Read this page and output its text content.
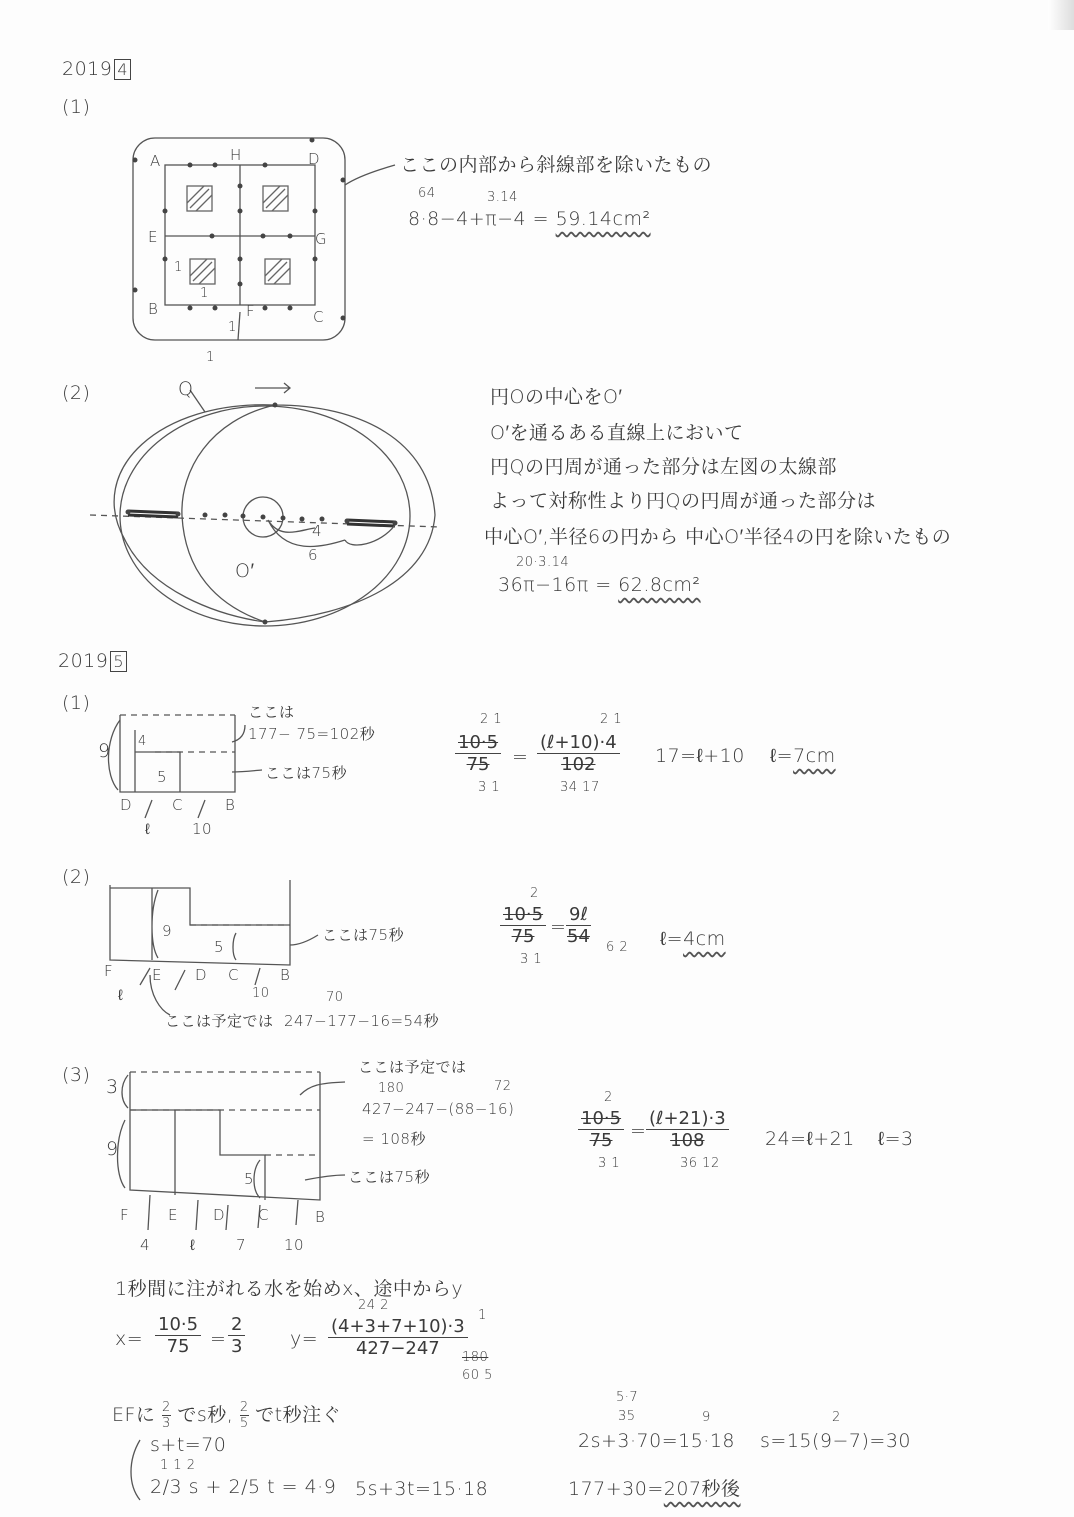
2019 4
(1)
A	H	D
E	G
B	F	C
1
1
1
1
ここの内部から斜線部を除いたもの
64	3.14
8·8−4+π−4 = 59.14cm²
(2)	Q
O′
4
6
円Oの中心をO′
O′を通るある直線上において
円Qの円周が通った部分は左図の太線部
よって対称性より円Qの円周が通った部分は
中心O′,半径6の円から 中心O′半径4の円を除いたもの
20·3.14
36π−16π = 62.8cm²
2019 5
(1)
9 4
5
D	C	B
ℓ	10
ここは
177− 75=102秒
ここは75秒
2 1
$\frac{10\cdot 5}{75}$
3 1
=
2 1
(ℓ+10)·4
102
34 17
17=ℓ+10 ℓ=7cm
(2)
9
5
F	E D C	B
ℓ	10
ここは75秒
ここは予定では
70
247−177−16=54秒
2
$\frac{10\cdot 5}{75}$
3 1
=
9ℓ
54
6 2 ℓ=4cm
(3)
3
9
5
F	E D C	B
4	ℓ	7	10
ここは予定では
180	72
427−247−(88−16)
= 108秒
ここは75秒
2
$\frac{10\cdot 5}{75}$
3 1
=
(ℓ+21)·3
108
36 12
24=ℓ+21 ℓ=3
1秒間に注がれる水を始めx、途中からy
$x= \frac{10\cdot 5}{75} = \frac{2}{3}$
24 2
$y= \frac{(4+3+7+10)\cdot 3}{427-247}$
1
180
60 5
EFに $\frac{2}{3}$ でs秒, $\frac{2}{5}$ でt秒注ぐ
s+t=70
1 1 2
2/3 s + 2/5 t = 4·9 5s+3t=15·18
5·7
35	9
2s+3·70=15·18
2
s=15(9−7)=30
177+30=207秒後
